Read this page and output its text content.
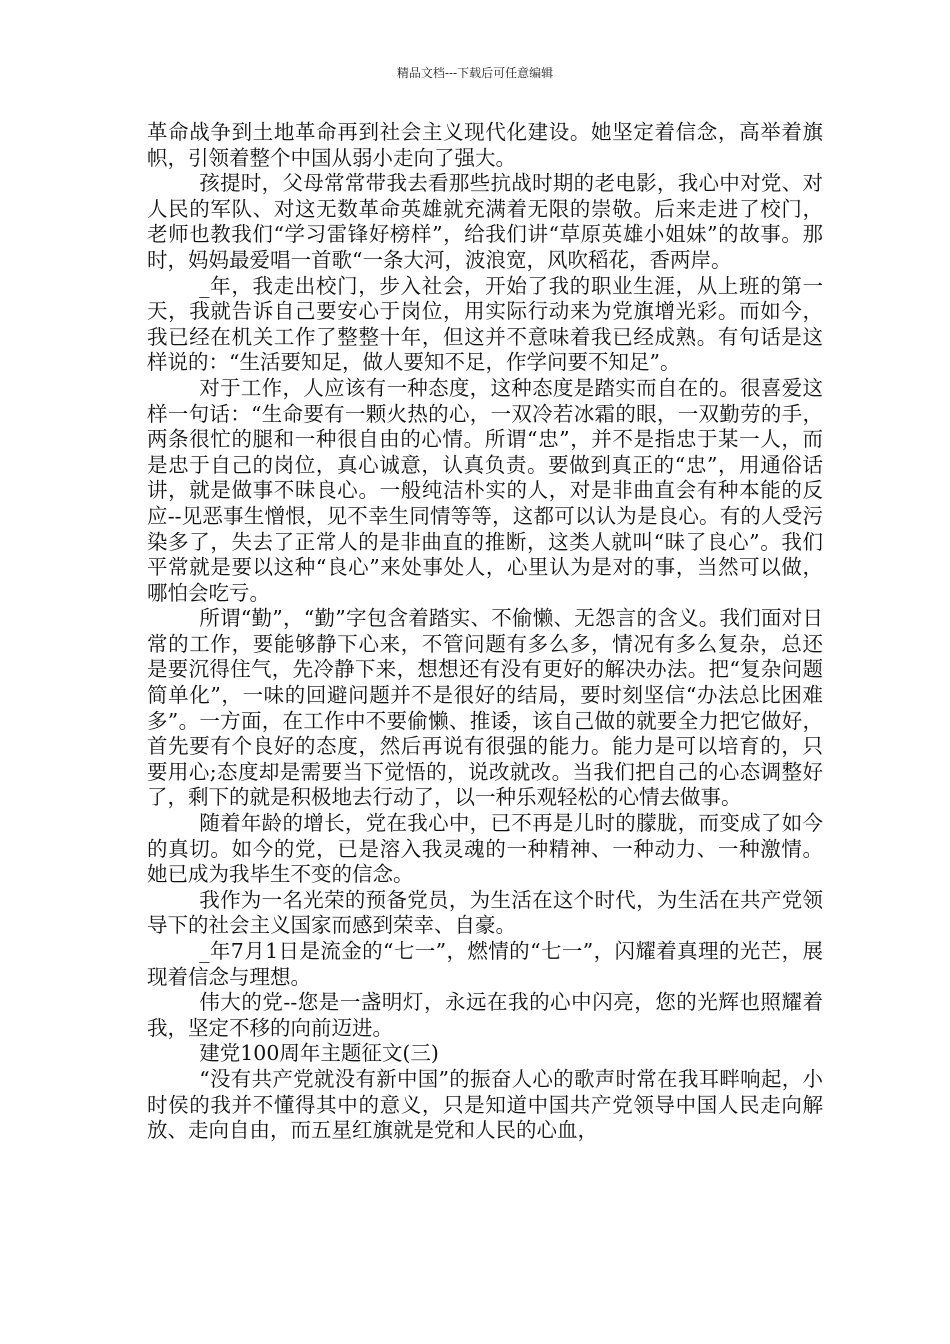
精品文档---下载后可任意编辑

革命战争到土地革命再到社会主义现代化建设。她坚定着信念，高举着旗帜，引领着整个中国从弱小走向了强大。

孩提时，父母常常带我去看那些抗战时期的老电影，我心中对党、对人民的军队、对这无数革命英雄就充满着无限的崇敬。后来走进了校门，老师也教我们“学习雷锋好榜样”，给我们讲“草原英雄小姐妹”的故事。那时，妈妈最爱唱一首歌“一条大河，波浪宽，风吹稻花，香两岸。

_年，我走出校门，步入社会，开始了我的职业生涯，从上班的第一天，我就告诉自己要安心于岗位，用实际行动来为党旗增光彩。而如今，我已经在机关工作了整整十年，但这并不意味着我已经成熟。有句话是这样说的：“生活要知足，做人要知不足，作学问要不知足”。

对于工作，人应该有一种态度，这种态度是踏实而自在的。很喜爱这样一句话：“生命要有一颗火热的心，一双冷若冰霜的眼，一双勤劳的手，两条很忙的腿和一种很自由的心情。所谓“忠”，并不是指忠于某一人，而是忠于自己的岗位，真心诚意，认真负责。要做到真正的“忠”，用通俗话讲，就是做事不昧良心。一般纯洁朴实的人，对是非曲直会有种本能的反应--见恶事生憎恨，见不幸生同情等等，这都可以认为是良心。有的人受污染多了，失去了正常人的是非曲直的推断，这类人就叫“昧了良心”。我们平常就是要以这种“良心”来处事处人，心里认为是对的事，当然可以做，哪怕会吃亏。

所谓“勤”，“勤”字包含着踏实、不偷懒、无怨言的含义。我们面对日常的工作，要能够静下心来，不管问题有多么多，情况有多么复杂，总还是要沉得住气，先冷静下来，想想还有没有更好的解决办法。把“复杂问题简单化”，一味的回避问题并不是很好的结局，要时刻坚信“办法总比困难多”。一方面，在工作中不要偷懒、推诿，该自己做的就要全力把它做好，首先要有个良好的态度，然后再说有很强的能力。能力是可以培育的，只要用心;态度却是需要当下觉悟的，说改就改。当我们把自己的心态调整好了，剩下的就是积极地去行动了，以一种乐观轻松的心情去做事。

随着年龄的增长，党在我心中，已不再是儿时的朦胧，而变成了如今的真切。如今的党，已是溶入我灵魂的一种精神、一种动力、一种激情。她已成为我毕生不变的信念。

我作为一名光荣的预备党员，为生活在这个时代，为生活在共产党领导下的社会主义国家而感到荣幸、自豪。

_年7月1日是流金的“七一”，燃情的“七一”，闪耀着真理的光芒，展现着信念与理想。

伟大的党--您是一盏明灯，永远在我的心中闪亮，您的光辉也照耀着我，坚定不移的向前迈进。

建党100周年主题征文(三)

“没有共产党就没有新中国”的振奋人心的歌声时常在我耳畔响起，小时侯的我并不懂得其中的意义，只是知道中国共产党领导中国人民走向解放、走向自由，而五星红旗就是党和人民的心血，
